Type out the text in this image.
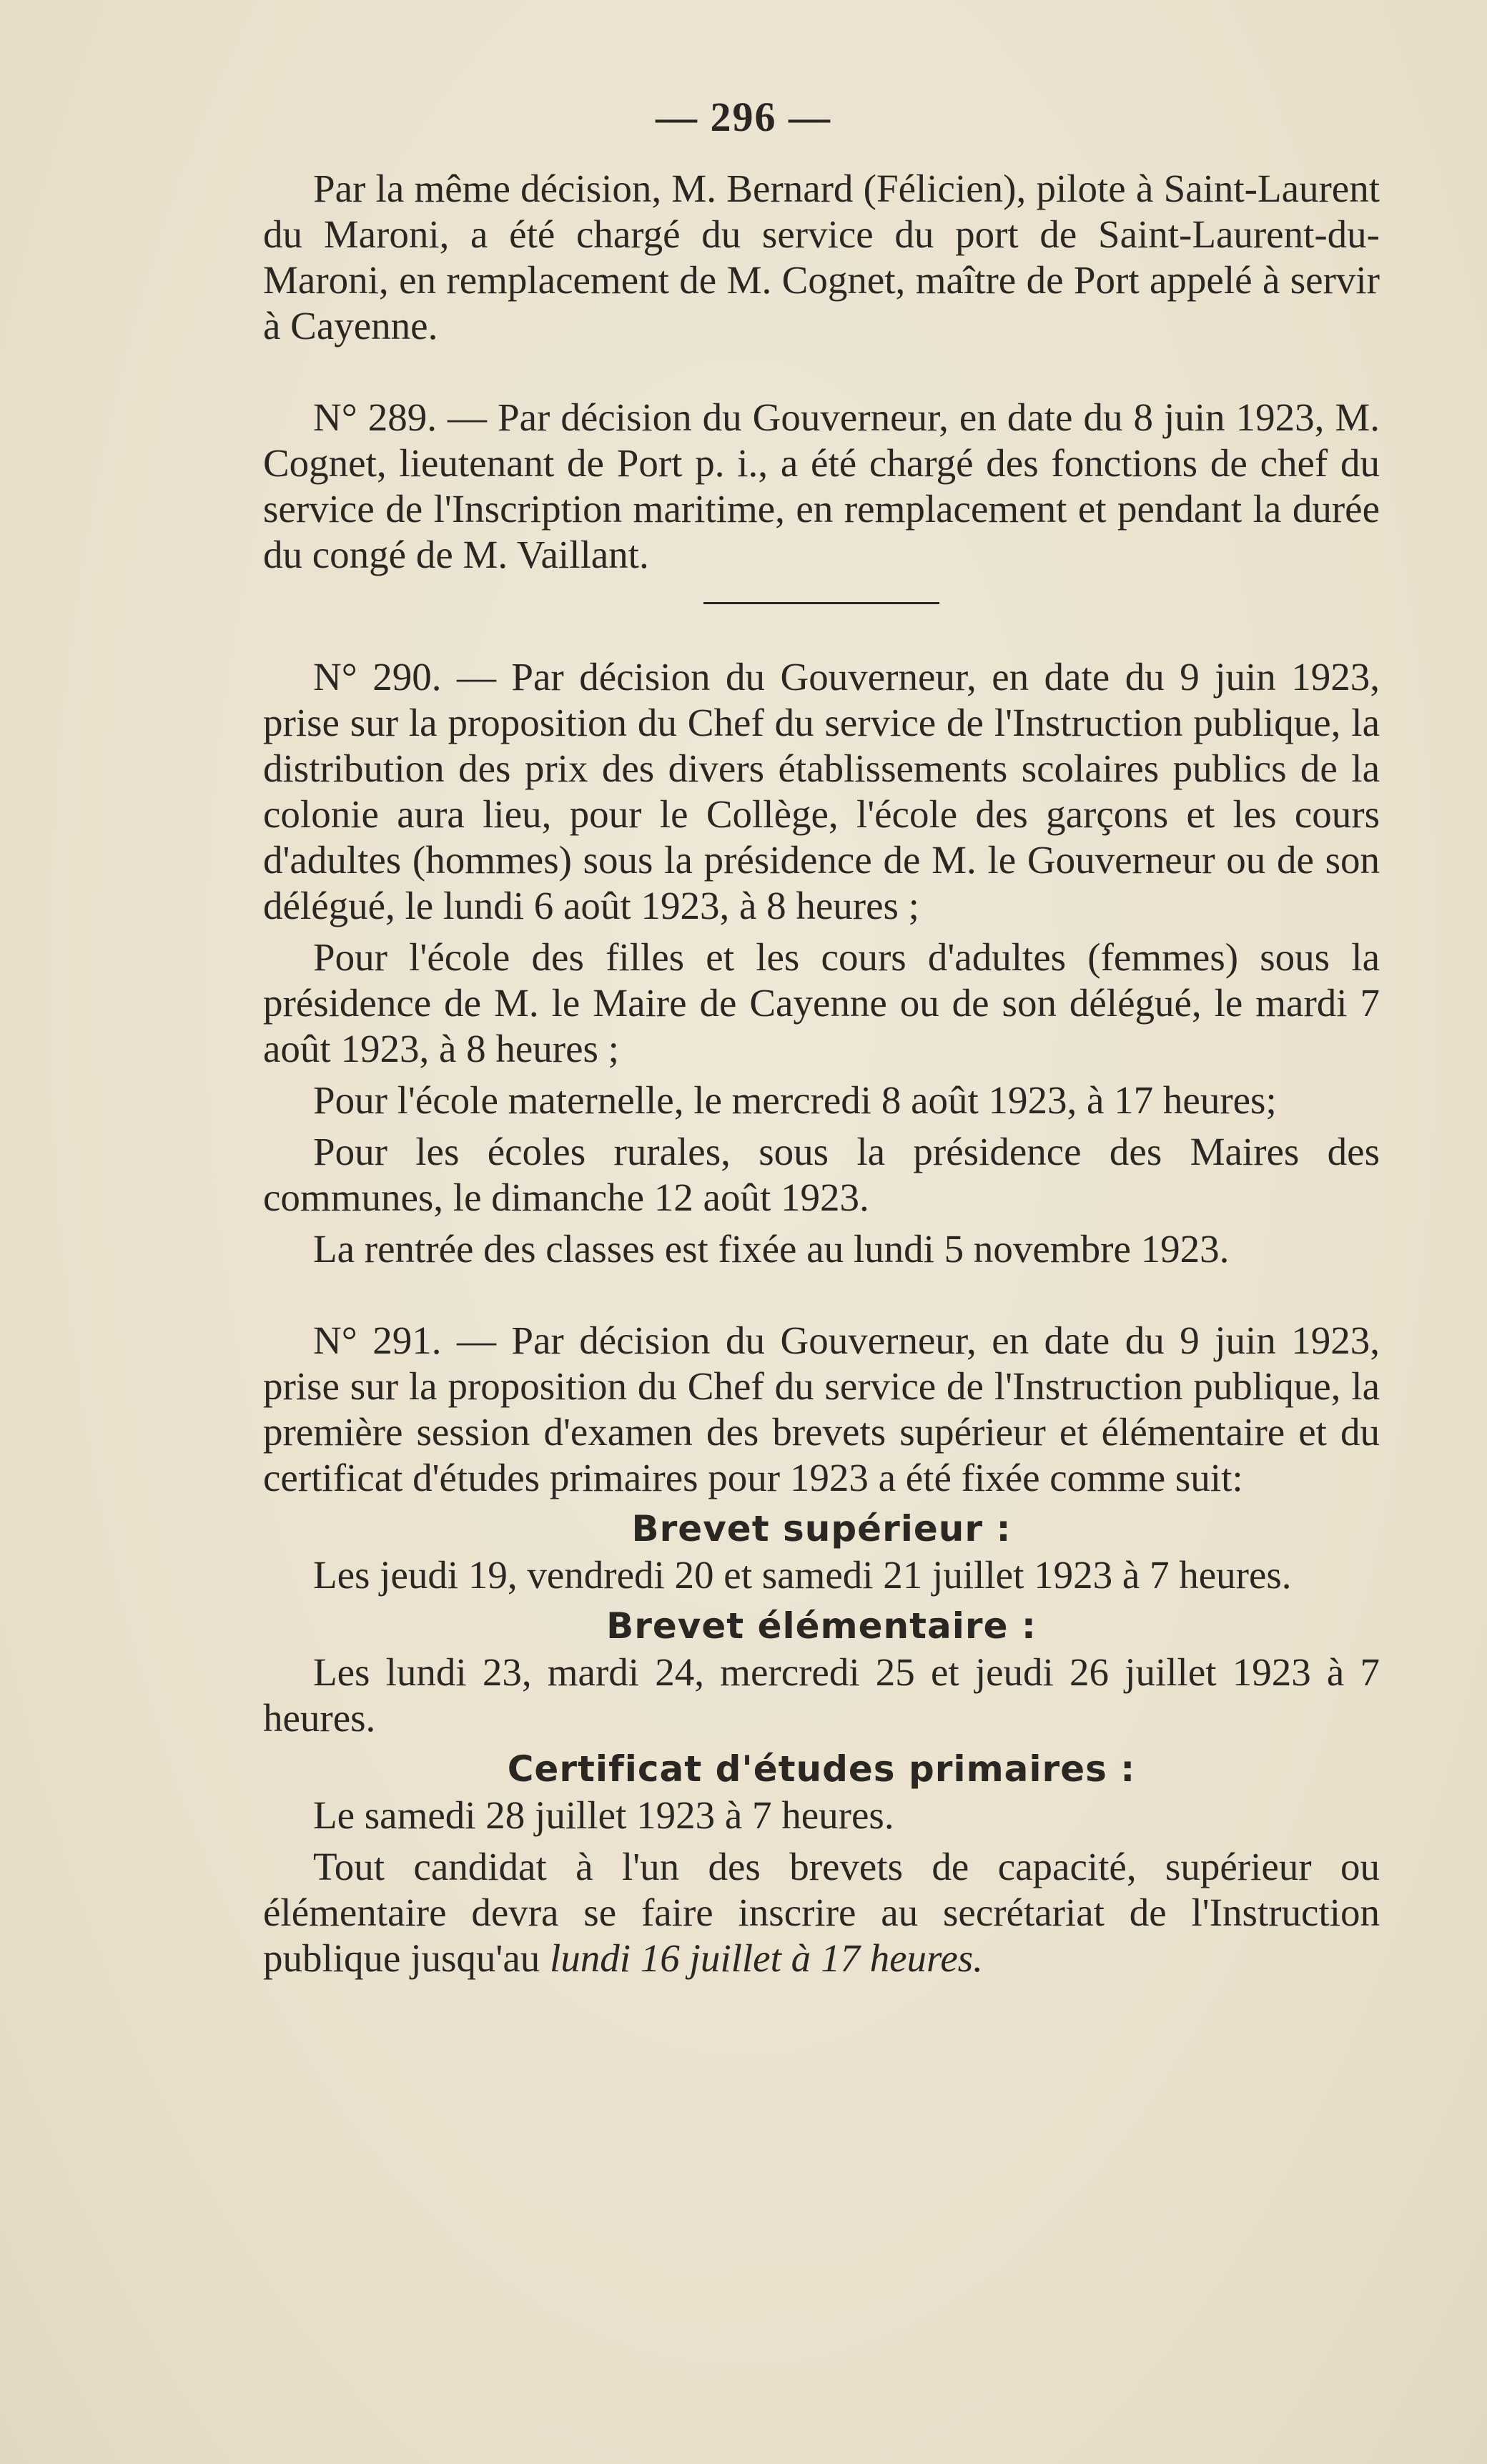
— 296 —

Par la même décision, M. Bernard (Félicien), pilote à Saint-Laurent du Maroni, a été chargé du service du port de Saint-Laurent-du-Maroni, en remplacement de M. Cognet, maître de Port appelé à servir à Cayenne.

N° 289. — Par décision du Gouverneur, en date du 8 juin 1923, M. Cognet, lieutenant de Port p. i., a été chargé des fonctions de chef du service de l'Inscription maritime, en remplacement et pendant la durée du congé de M. Vaillant.

N° 290. — Par décision du Gouverneur, en date du 9 juin 1923, prise sur la proposition du Chef du service de l'Instruction publique, la distribution des prix des divers établissements scolaires publics de la colonie aura lieu, pour le Collège, l'école des garçons et les cours d'adultes (hommes) sous la présidence de M. le Gouverneur ou de son délégué, le lundi 6 août 1923, à 8 heures ;

Pour l'école des filles et les cours d'adultes (femmes) sous la présidence de M. le Maire de Cayenne ou de son délégué, le mardi 7 août 1923, à 8 heures ;

Pour l'école maternelle, le mercredi 8 août 1923, à 17 heures;

Pour les écoles rurales, sous la présidence des Maires des communes, le dimanche 12 août 1923.

La rentrée des classes est fixée au lundi 5 novembre 1923.

N° 291. — Par décision du Gouverneur, en date du 9 juin 1923, prise sur la proposition du Chef du service de l'Instruction publique, la première session d'examen des brevets supérieur et élémentaire et du certificat d'études primaires pour 1923 a été fixée comme suit:

Brevet supérieur :

Les jeudi 19, vendredi 20 et samedi 21 juillet 1923 à 7 heures.

Brevet élémentaire :

Les lundi 23, mardi 24, mercredi 25 et jeudi 26 juillet 1923 à 7 heures.

Certificat d'études primaires :

Le samedi 28 juillet 1923 à 7 heures.

Tout candidat à l'un des brevets de capacité, supérieur ou élémentaire devra se faire inscrire au secrétariat de l'Instruction publique jusqu'au lundi 16 juillet à 17 heures.
